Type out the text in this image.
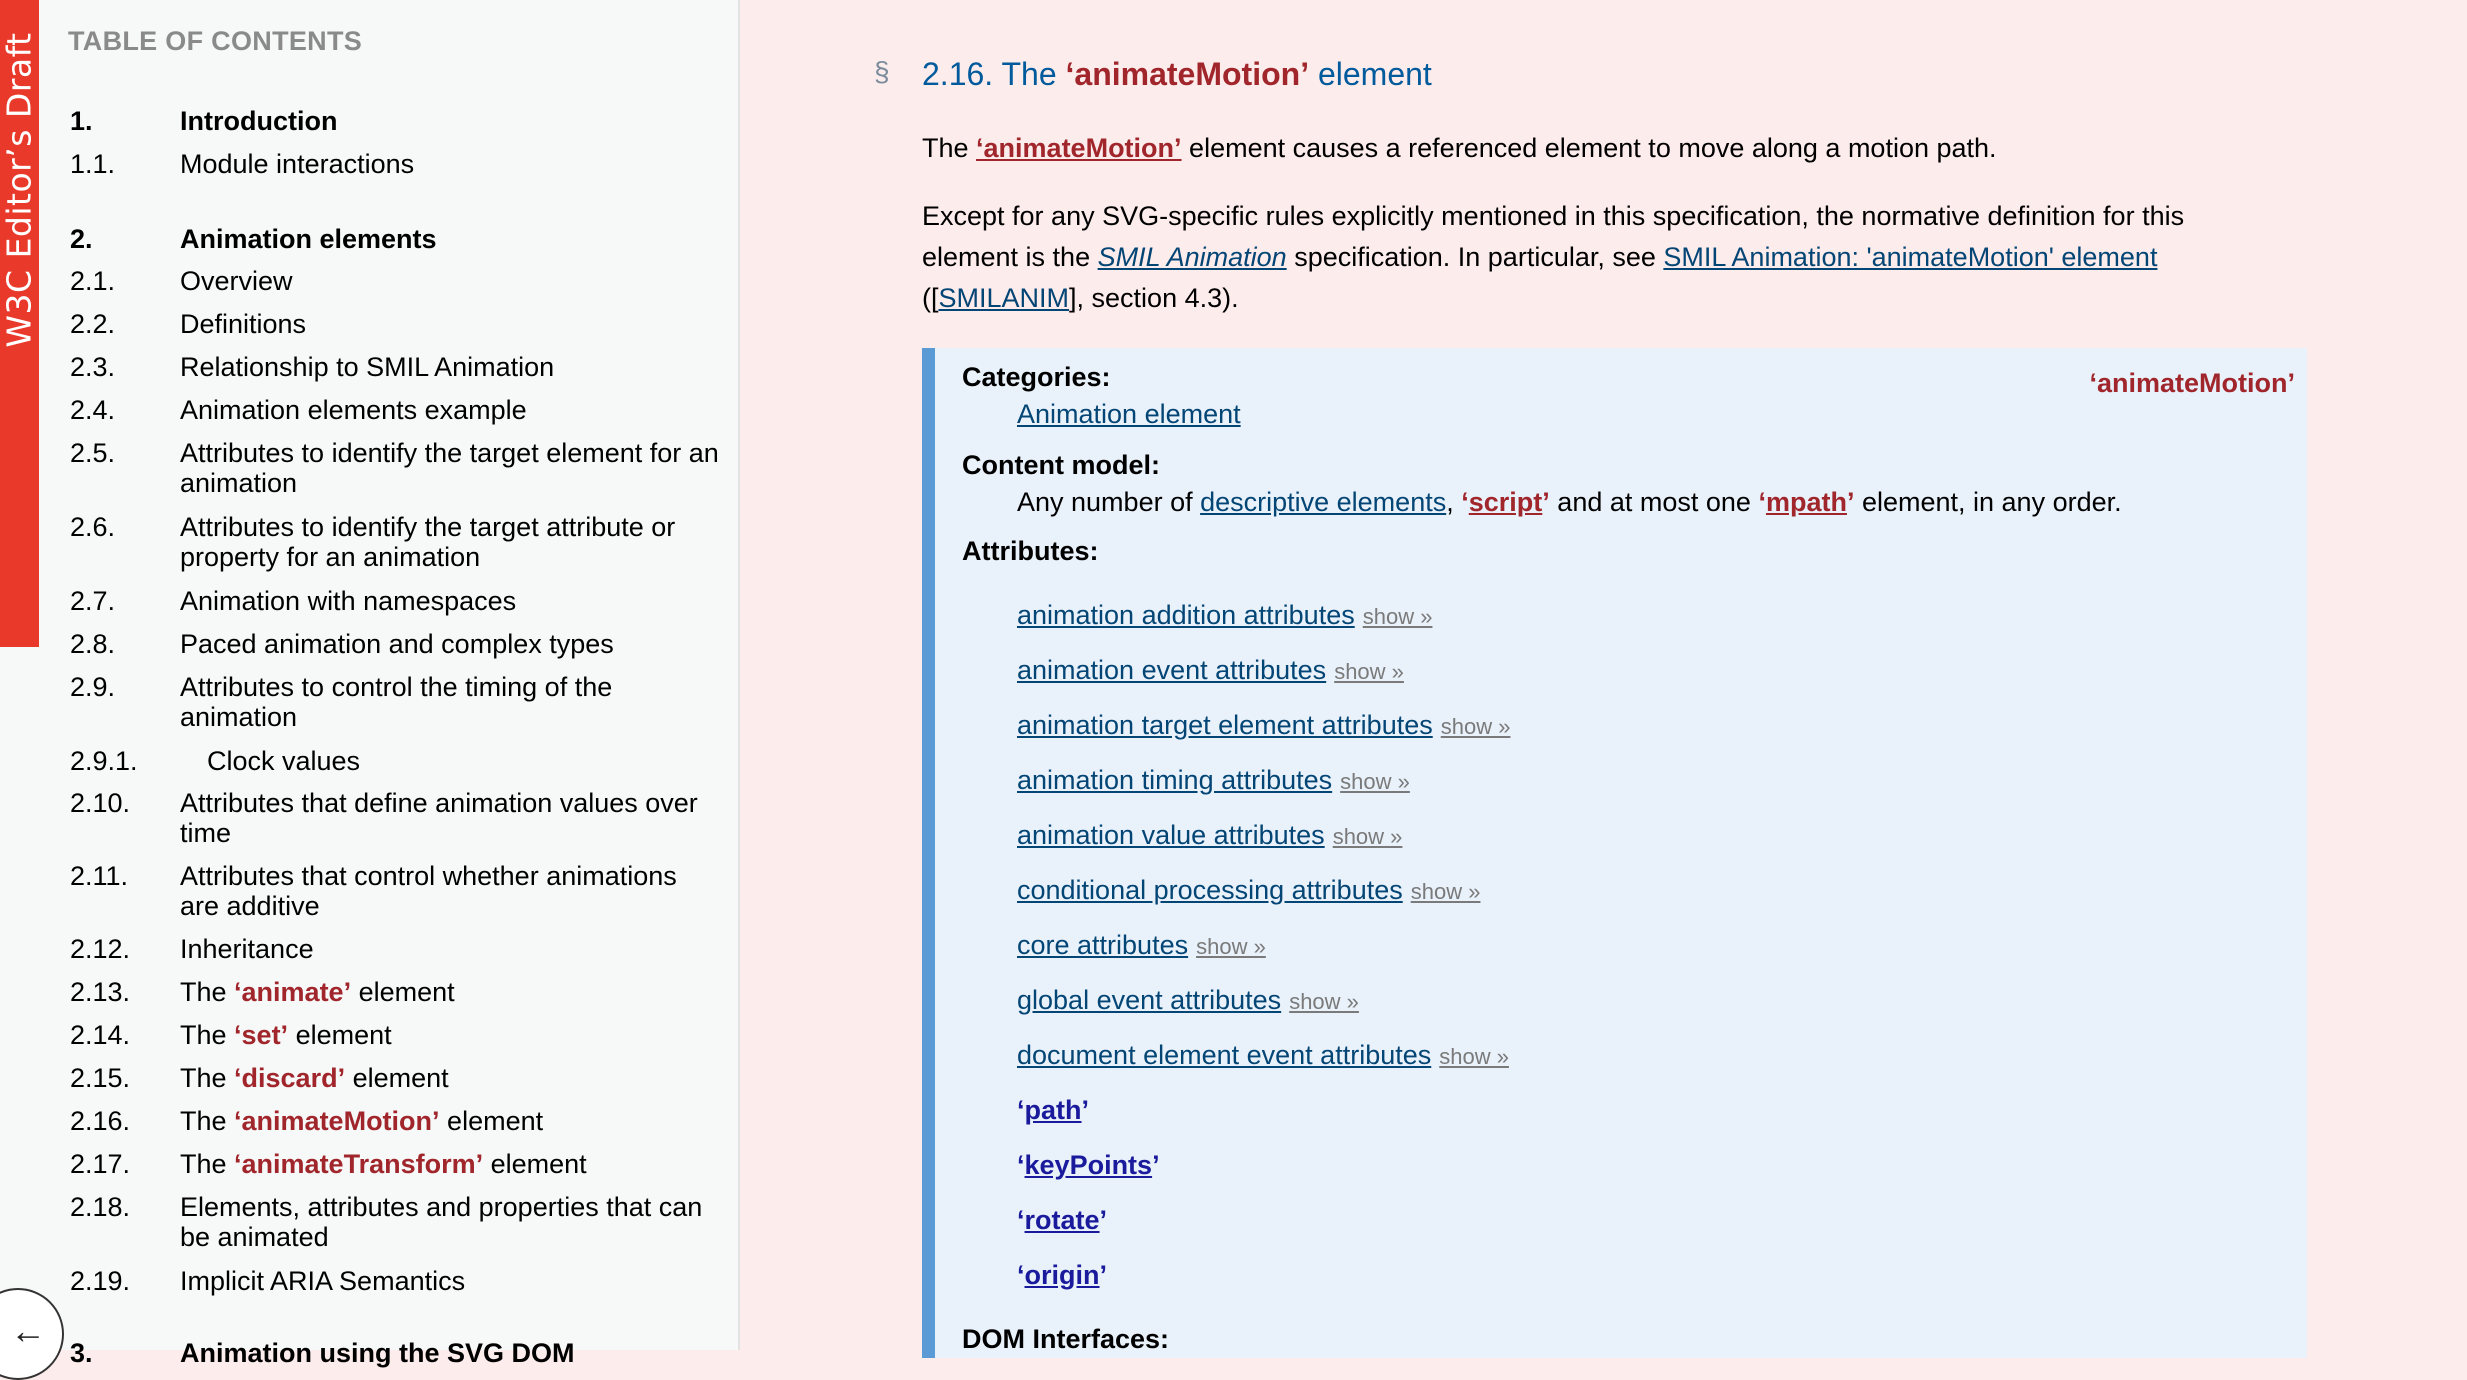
TABLE OF CONTENTS
1.	Introduction
1.1. Module interactions
2.	Animation elements
2.1. Overview
2.2. Definitions
2.3. Relationship to SMIL Animation
2.4. Animation elements example
2.5. Attributes to identify the target element for an animation
2.6. Attributes to identify the target attribute or property for an animation
2.7. Animation with namespaces
2.8. Paced animation and complex types
2.9. Attributes to control the timing of the animation
2.9.1.	Clock values
2.10. Attributes that define animation values over time
2.11. Attributes that control whether animations are additive
2.12. Inheritance
2.13. The ‘animate’ element
2.14. The ‘set’ element
2.15. The ‘discard’ element
2.16. The ‘animateMotion’ element
2.17. The ‘animateTransform’ element
2.18. Elements, attributes and properties that can be animated
2.19. Implicit ARIA Semantics
3.	Animation using the SVG DOM
W3C Editor’s Draft
←
§ 2.16. The ‘animateMotion’ element
The ‘animateMotion’ element causes a referenced element to move along a motion path.
Except for any SVG-specific rules explicitly mentioned in this specification, the normative definition for this element is the SMIL Animation specification. In particular, see SMIL Animation: 'animateMotion' element ([SMILANIM], section 4.3).
‘animateMotion’
Categories:
Animation element
Content model:
Any number of descriptive elements, ‘script’ and at most one ‘mpath’ element, in any order.
Attributes:
animation addition attributes show »
animation event attributes show »
animation target element attributes show »
animation timing attributes show »
animation value attributes show »
conditional processing attributes show »
core attributes show »
global event attributes show »
document element event attributes show »
‘path’
‘keyPoints’
‘rotate’
‘origin’
DOM Interfaces:
